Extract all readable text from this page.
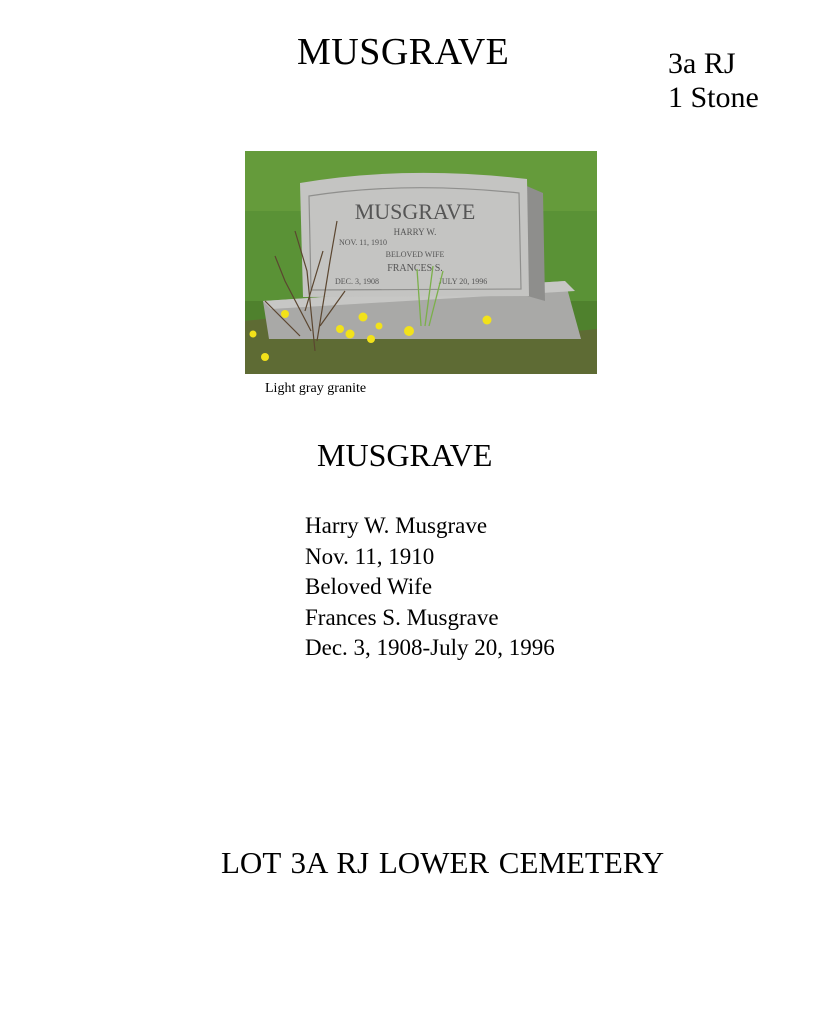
MUSGRAVE	3a RJ
1 Stone
MUSGRAVE
HARRY W.
NOV. 11, 1910
BELOVED WIFE
FRANCES S.
DEC. 3, 1908	JULY 20, 1996
Light gray granite
MUSGRAVE
Harry W. Musgrave
Nov. 11, 1910
Beloved Wife
Frances S. Musgrave
Dec. 3, 1908-July 20, 1996
LOT 3A RJ LOWER CEMETERY
